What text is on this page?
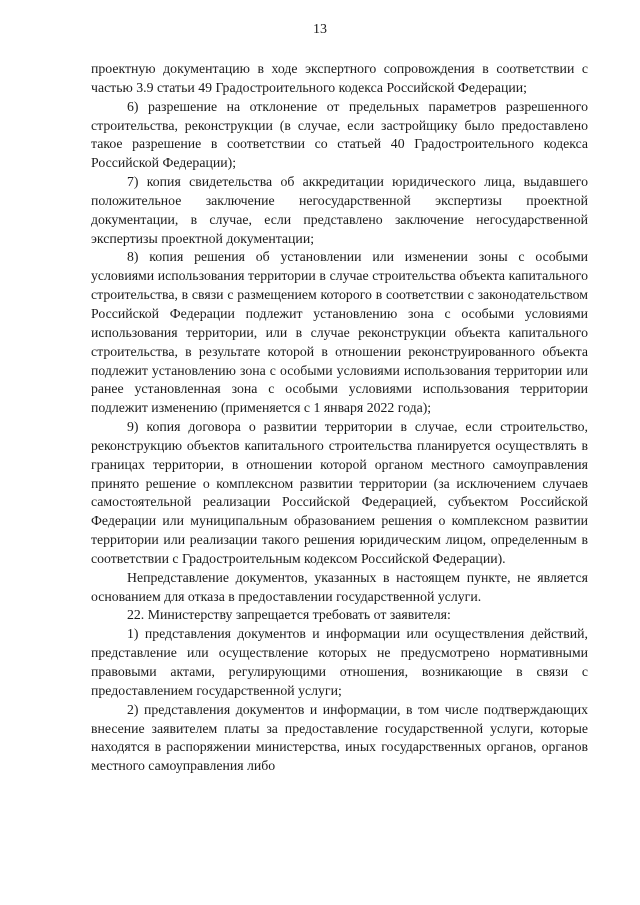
13

проектную документацию в ходе экспертного сопровождения в соответствии с частью 3.9 статьи 49 Градостроительного кодекса Российской Федерации;

6) разрешение на отклонение от предельных параметров разрешенного строительства, реконструкции (в случае, если застройщику было предоставлено такое разрешение в соответствии со статьей 40 Градостроительного кодекса Российской Федерации);

7) копия свидетельства об аккредитации юридического лица, выдавшего положительное заключение негосударственной экспертизы проектной документации, в случае, если представлено заключение негосударственной экспертизы проектной документации;

8) копия решения об установлении или изменении зоны с особыми условиями использования территории в случае строительства объекта капитального строительства, в связи с размещением которого в соответствии с законодательством Российской Федерации подлежит установлению зона с особыми условиями использования территории, или в случае реконструкции объекта капитального строительства, в результате которой в отношении реконструированного объекта подлежит установлению зона с особыми условиями использования территории или ранее установленная зона с особыми условиями использования территории подлежит изменению (применяется с 1 января 2022 года);

9) копия договора о развитии территории в случае, если строительство, реконструкцию объектов капитального строительства планируется осуществлять в границах территории, в отношении которой органом местного самоуправления принято решение о комплексном развитии территории (за исключением случаев самостоятельной реализации Российской Федерацией, субъектом Российской Федерации или муниципальным образованием решения о комплексном развитии территории или реализации такого решения юридическим лицом, определенным в соответствии с Градостроительным кодексом Российской Федерации).

Непредставление документов, указанных в настоящем пункте, не является основанием для отказа в предоставлении государственной услуги.

22. Министерству запрещается требовать от заявителя:

1) представления документов и информации или осуществления действий, представление или осуществление которых не предусмотрено нормативными правовыми актами, регулирующими отношения, возникающие в связи с предоставлением государственной услуги;

2) представления документов и информации, в том числе подтверждающих внесение заявителем платы за предоставление государственной услуги, которые находятся в распоряжении министерства, иных государственных органов, органов местного самоуправления либо
